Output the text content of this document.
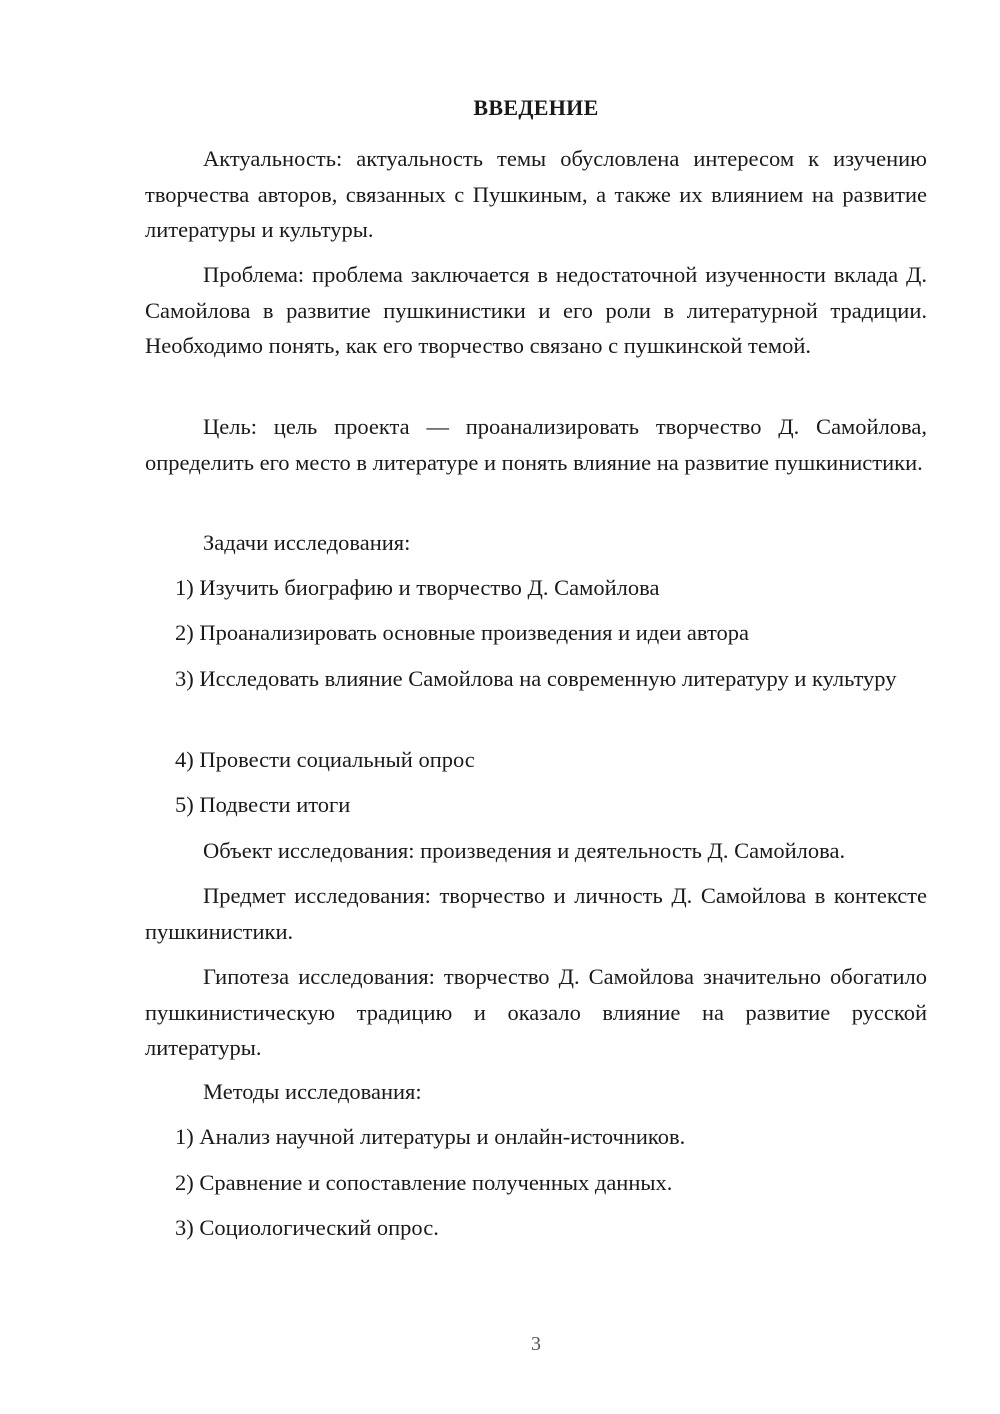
ВВЕДЕНИЕ

Актуальность: актуальность темы обусловлена интересом к изучению творчества авторов, связанных с Пушкиным, а также их влиянием на развитие литературы и культуры.

Проблема: проблема заключается в недостаточной изученности вклада Д. Самойлова в развитие пушкинистики и его роли в литературной традиции. Необходимо понять, как его творчество связано с пушкинской темой.

Цель: цель проекта — проанализировать творчество Д. Самойлова, определить его место в литературе и понять влияние на развитие пушкинистики.

Задачи исследования:

1) Изучить биографию и творчество Д. Самойлова

2) Проанализировать основные произведения и идеи автора

3) Исследовать влияние Самойлова на современную литературу и культуру

4) Провести социальный опрос

5) Подвести итоги

Объект исследования: произведения и деятельность Д. Самойлова.

Предмет исследования: творчество и личность Д. Самойлова в контексте пушкинистики.

Гипотеза исследования: творчество Д. Самойлова значительно обогатило пушкинистическую традицию и оказало влияние на развитие русской литературы.

Методы исследования:

1) Анализ научной литературы и онлайн-источников.

2) Сравнение и сопоставление полученных данных.

3) Социологический опрос.

3
